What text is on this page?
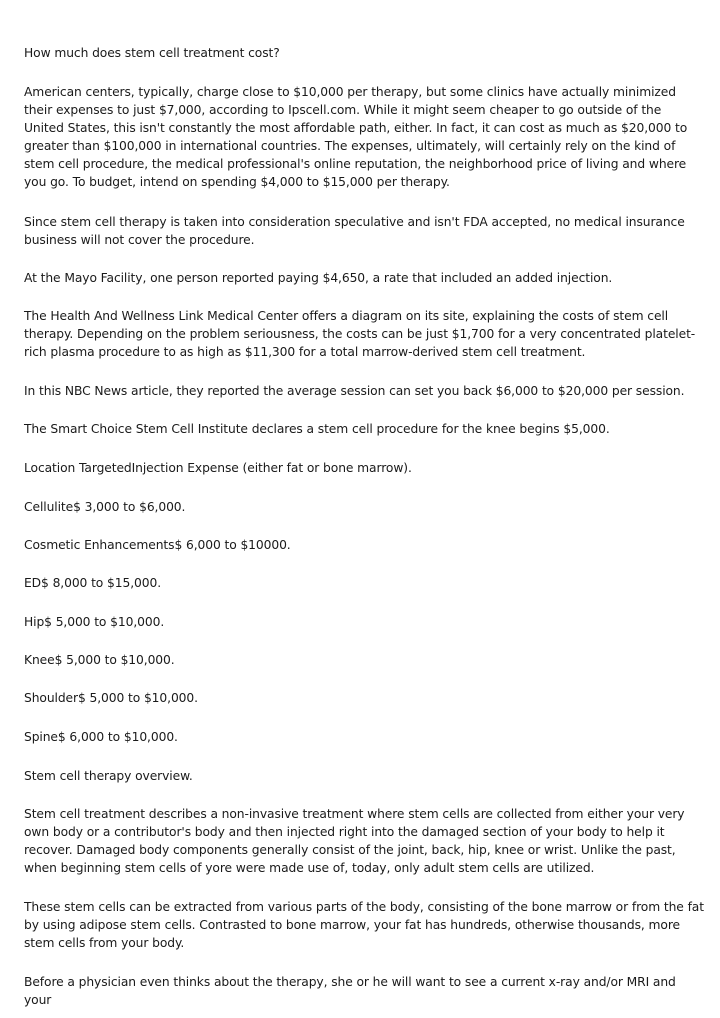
How much does stem cell treatment cost?

American centers, typically, charge close to $10,000 per therapy, but some clinics have actually minimized their expenses to just $7,000, according to Ipscell.com. While it might seem cheaper to go outside of the United States, this isn't constantly the most affordable path, either. In fact, it can cost as much as $20,000 to greater than $100,000 in international countries. The expenses, ultimately, will certainly rely on the kind of stem cell procedure, the medical professional's online reputation, the neighborhood price of living and where you go. To budget, intend on spending $4,000 to $15,000 per therapy.

Since stem cell therapy is taken into consideration speculative and isn't FDA accepted, no medical insurance business will not cover the procedure.

At the Mayo Facility, one person reported paying $4,650, a rate that included an added injection.

The Health And Wellness Link Medical Center offers a diagram on its site, explaining the costs of stem cell therapy. Depending on the problem seriousness, the costs can be just $1,700 for a very concentrated platelet-rich plasma procedure to as high as $11,300 for a total marrow-derived stem cell treatment.

In this NBC News article, they reported the average session can set you back $6,000 to $20,000 per session.

The Smart Choice Stem Cell Institute declares a stem cell procedure for the knee begins $5,000.

Location TargetedInjection Expense (either fat or bone marrow).

Cellulite$ 3,000 to $6,000.

Cosmetic Enhancements$ 6,000 to $10000.

ED$ 8,000 to $15,000.

Hip$ 5,000 to $10,000.

Knee$ 5,000 to $10,000.

Shoulder$ 5,000 to $10,000.

Spine$ 6,000 to $10,000.

Stem cell therapy overview.

Stem cell treatment describes a non-invasive treatment where stem cells are collected from either your very own body or a contributor's body and then injected right into the damaged section of your body to help it recover. Damaged body components generally consist of the joint, back, hip, knee or wrist. Unlike the past, when beginning stem cells of yore were made use of, today, only adult stem cells are utilized.

These stem cells can be extracted from various parts of the body, consisting of the bone marrow or from the fat by using adipose stem cells. Contrasted to bone marrow, your fat has hundreds, otherwise thousands, more stem cells from your body.

Before a physician even thinks about the therapy, she or he will want to see a current x-ray and/or MRI and your
